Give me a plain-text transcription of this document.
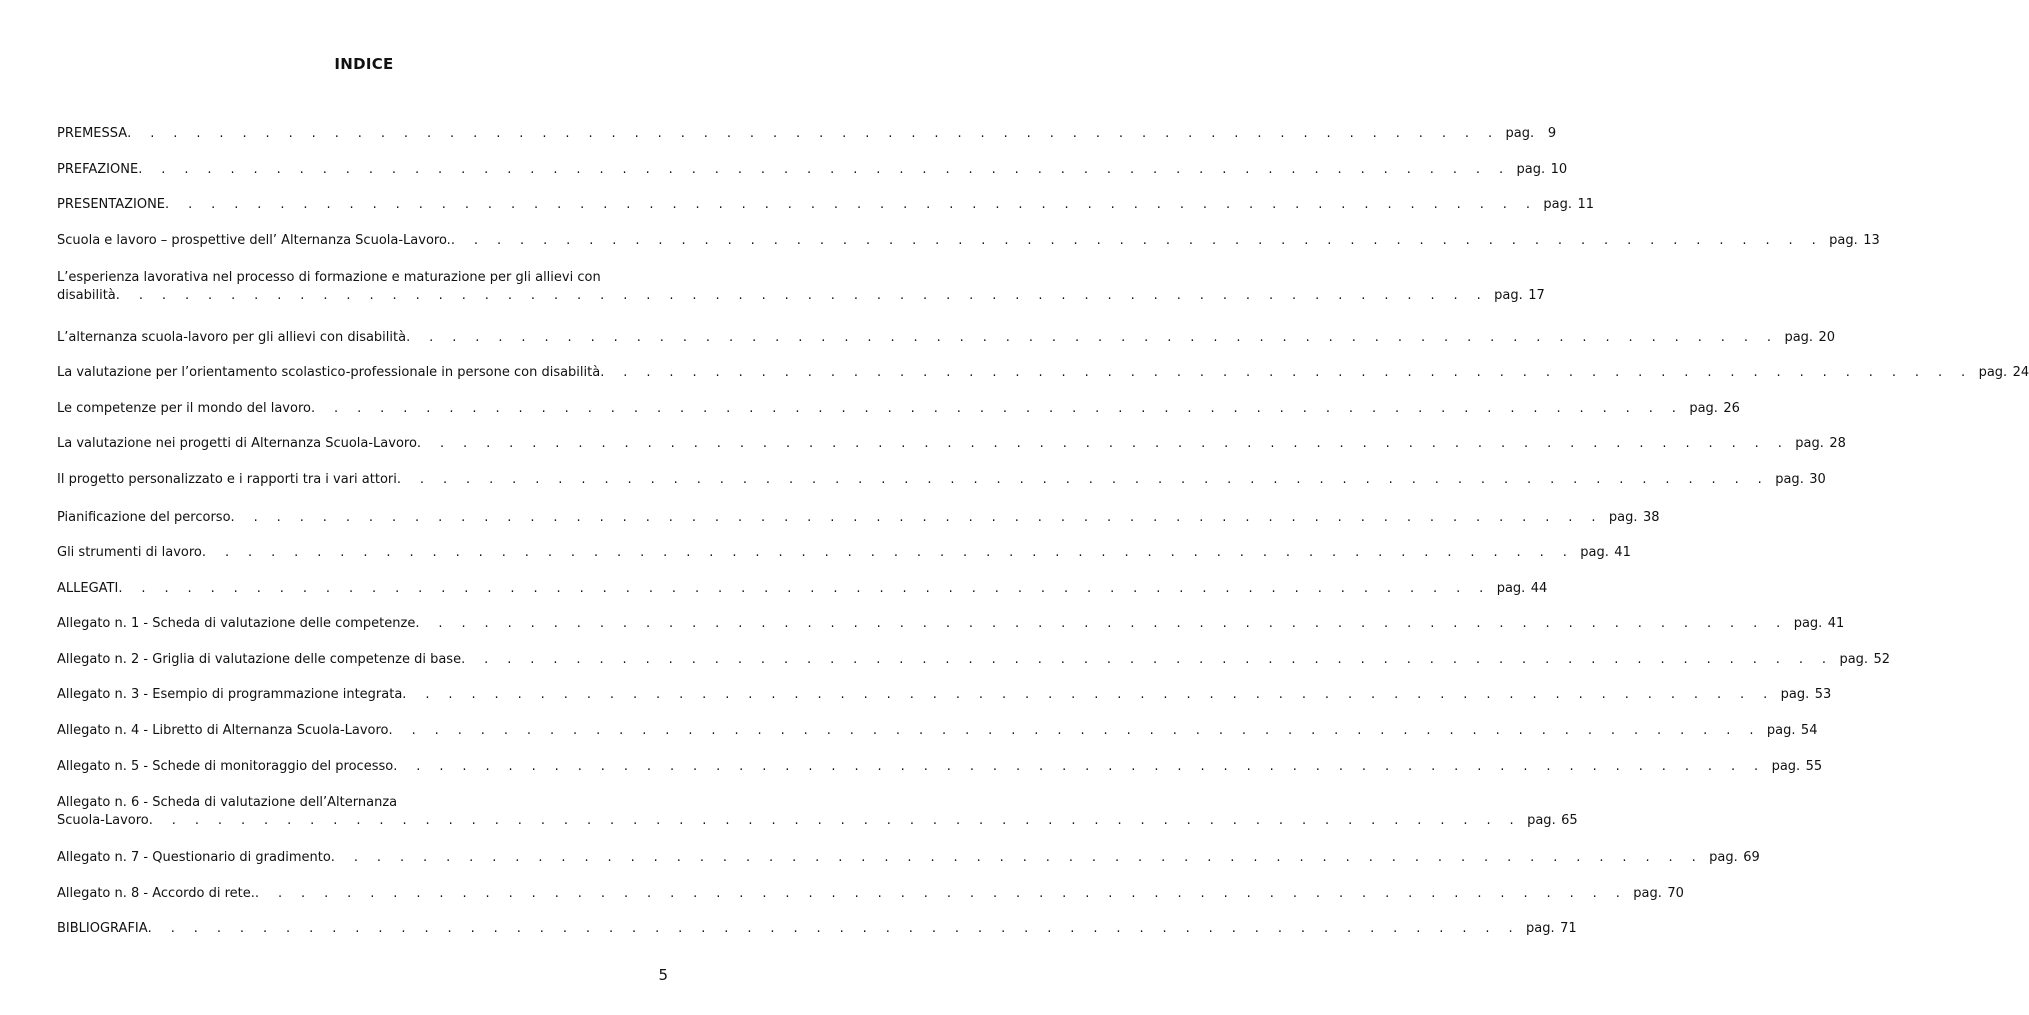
INDICE
PREMESSA . . . . . . . . . . . . . . . . . . . . . . . . . . . . . . . . . . . . . . . . . . . . . . . . . . . . . . . . . . . . pag.	9
PREFAZIONE . . . . . . . . . . . . . . . . . . . . . . . . . . . . . . . . . . . . . . . . . . . . . . . . . . . . . . . . . . . . pag. 10
PRESENTAZIONE . . . . . . . . . . . . . . . . . . . . . . . . . . . . . . . . . . . . . . . . . . . . . . . . . . . . . . . . . . . . pag. 11
Scuola e lavoro – prospettive dell’ Alternanza Scuola-Lavoro. . . . . . . . . . . . . . . . . . . . . . . . . . . . . . . . . . . . . . . . . . . . . . . . . . . . . . . . . . . . . pag. 13
L’esperienza lavorativa nel processo di formazione e maturazione per gli allievi con
disabilità . . . . . . . . . . . . . . . . . . . . . . . . . . . . . . . . . . . . . . . . . . . . . . . . . . . . . . . . . . . . pag. 17
L’alternanza scuola-lavoro per gli allievi con disabilità . . . . . . . . . . . . . . . . . . . . . . . . . . . . . . . . . . . . . . . . . . . . . . . . . . . . . . . . . . . . pag. 20
La valutazione per l’orientamento scolastico-professionale in persone con disabilità . . . . . . . . . . . . . . . . . . . . . . . . . . . . . . . . . . . . . . . . . . . . . . . . . . . . . . . . . . . . pag. 24
Le competenze per il mondo del lavoro . . . . . . . . . . . . . . . . . . . . . . . . . . . . . . . . . . . . . . . . . . . . . . . . . . . . . . . . . . . . pag. 26
La valutazione nei progetti di Alternanza Scuola-Lavoro . . . . . . . . . . . . . . . . . . . . . . . . . . . . . . . . . . . . . . . . . . . . . . . . . . . . . . . . . . . . pag. 28
Il progetto personalizzato e i rapporti tra i vari attori . . . . . . . . . . . . . . . . . . . . . . . . . . . . . . . . . . . . . . . . . . . . . . . . . . . . . . . . . . . . pag. 30
Pianificazione del percorso . . . . . . . . . . . . . . . . . . . . . . . . . . . . . . . . . . . . . . . . . . . . . . . . . . . . . . . . . . . . pag. 38
Gli strumenti di lavoro . . . . . . . . . . . . . . . . . . . . . . . . . . . . . . . . . . . . . . . . . . . . . . . . . . . . . . . . . . . . pag. 41
ALLEGATI . . . . . . . . . . . . . . . . . . . . . . . . . . . . . . . . . . . . . . . . . . . . . . . . . . . . . . . . . . . . pag. 44
Allegato n. 1 - Scheda di valutazione delle competenze . . . . . . . . . . . . . . . . . . . . . . . . . . . . . . . . . . . . . . . . . . . . . . . . . . . . . . . . . . . . pag. 41
Allegato n. 2 - Griglia di valutazione delle competenze di base . . . . . . . . . . . . . . . . . . . . . . . . . . . . . . . . . . . . . . . . . . . . . . . . . . . . . . . . . . . . pag. 52
Allegato n. 3 - Esempio di programmazione integrata . . . . . . . . . . . . . . . . . . . . . . . . . . . . . . . . . . . . . . . . . . . . . . . . . . . . . . . . . . . . pag. 53
Allegato n. 4 - Libretto di Alternanza Scuola-Lavoro . . . . . . . . . . . . . . . . . . . . . . . . . . . . . . . . . . . . . . . . . . . . . . . . . . . . . . . . . . . . pag. 54
Allegato n. 5 - Schede di monitoraggio del processo . . . . . . . . . . . . . . . . . . . . . . . . . . . . . . . . . . . . . . . . . . . . . . . . . . . . . . . . . . . . pag. 55
Allegato n. 6 - Scheda di valutazione dell’Alternanza
Scuola-Lavoro . . . . . . . . . . . . . . . . . . . . . . . . . . . . . . . . . . . . . . . . . . . . . . . . . . . . . . . . . . . . pag. 65
Allegato n. 7 - Questionario di gradimento . . . . . . . . . . . . . . . . . . . . . . . . . . . . . . . . . . . . . . . . . . . . . . . . . . . . . . . . . . . . pag. 69
Allegato n. 8 - Accordo di rete. . . . . . . . . . . . . . . . . . . . . . . . . . . . . . . . . . . . . . . . . . . . . . . . . . . . . . . . . . . . . pag. 70
BIBLIOGRAFIA . . . . . . . . . . . . . . . . . . . . . . . . . . . . . . . . . . . . . . . . . . . . . . . . . . . . . . . . . . . . pag. 71
5
